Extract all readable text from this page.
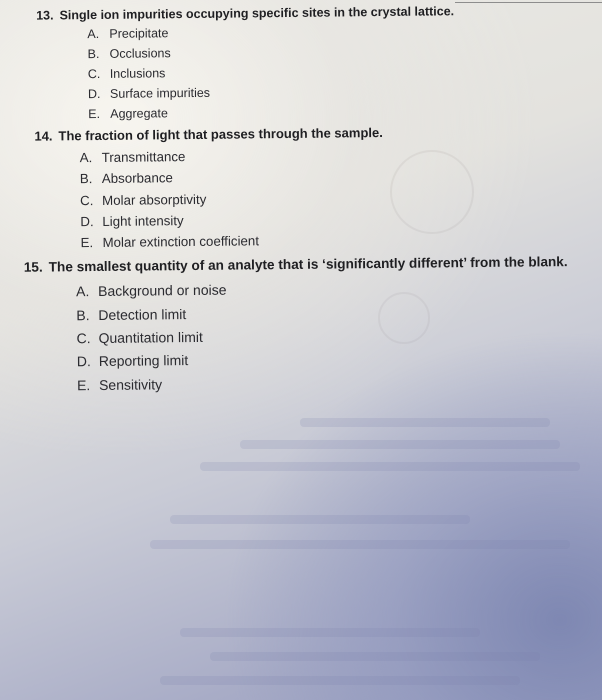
13. Single ion impurities occupying specific sites in the crystal lattice.
A. Precipitate
B. Occlusions
C. Inclusions
D. Surface impurities
E. Aggregate
14. The fraction of light that passes through the sample.
A. Transmittance
B. Absorbance
C. Molar absorptivity
D. Light intensity
E. Molar extinction coefficient
15. The smallest quantity of an analyte that is ‘significantly different’ from the blank.
A. Background or noise
B. Detection limit
C. Quantitation limit
D. Reporting limit
E. Sensitivity
